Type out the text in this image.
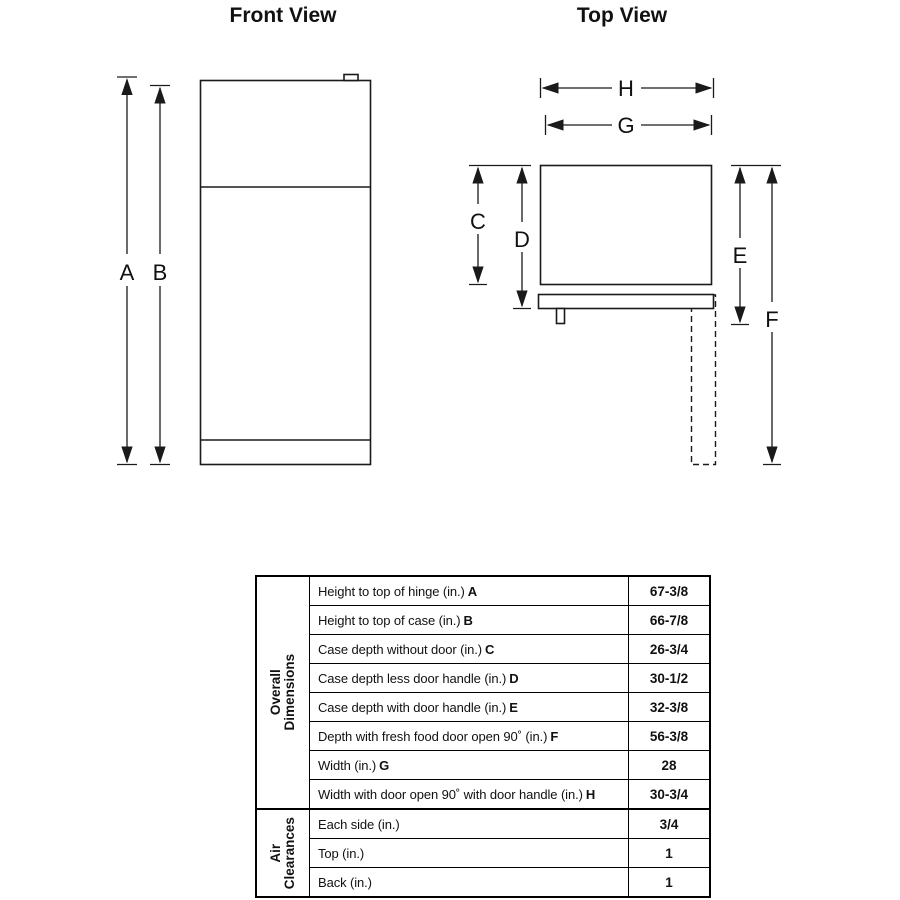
Front View
A B
Top View
H
G
C
D
E
F
Overall Dimensions
Height to top of hinge (in.) A	67-3/8
Height to top of case (in.) B	66-7/8
Case depth without door (in.) C	26-3/4
Case depth less door handle (in.) D	30-1/2
Case depth with door handle (in.) E	32-3/8
Depth with fresh food door open 90˚ (in.) F	56-3/8
Width (in.) G	28
Width with door open 90˚ with door handle (in.) H	30-3/4
Air Clearances Each side (in.)	3/4
Top (in.)	1
Back (in.)	1
